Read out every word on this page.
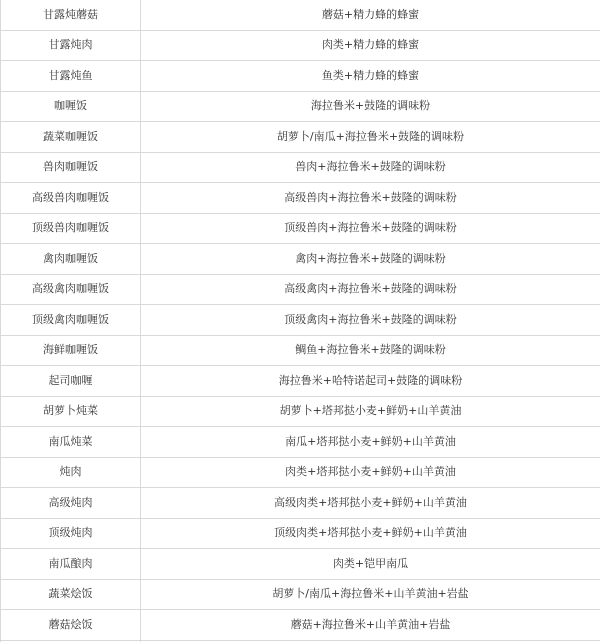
甘露炖蘑菇	蘑菇+精力蜂的蜂蜜
甘露炖肉	肉类+精力蜂的蜂蜜
甘露炖鱼	鱼类+精力蜂的蜂蜜
咖喱饭	海拉鲁米+鼓隆的调味粉
蔬菜咖喱饭	胡萝卜/南瓜+海拉鲁米+鼓隆的调味粉
兽肉咖喱饭	兽肉+海拉鲁米+鼓隆的调味粉
高级兽肉咖喱饭	高级兽肉+海拉鲁米+鼓隆的调味粉
顶级兽肉咖喱饭	顶级兽肉+海拉鲁米+鼓隆的调味粉
禽肉咖喱饭	禽肉+海拉鲁米+鼓隆的调味粉
高级禽肉咖喱饭	高级禽肉+海拉鲁米+鼓隆的调味粉
顶级禽肉咖喱饭	顶级禽肉+海拉鲁米+鼓隆的调味粉
海鲜咖喱饭	鲷鱼+海拉鲁米+鼓隆的调味粉
起司咖喱	海拉鲁米+哈特诺起司+鼓隆的调味粉
胡萝卜炖菜	胡萝卜+塔邦挞小麦+鲜奶+山羊黄油
南瓜炖菜	南瓜+塔邦挞小麦+鲜奶+山羊黄油
炖肉	肉类+塔邦挞小麦+鲜奶+山羊黄油
高级炖肉	高级肉类+塔邦挞小麦+鲜奶+山羊黄油
顶级炖肉	顶级肉类+塔邦挞小麦+鲜奶+山羊黄油
南瓜酿肉	肉类+铠甲南瓜
蔬菜烩饭	胡萝卜/南瓜+海拉鲁米+山羊黄油+岩盐
蘑菇烩饭	蘑菇+海拉鲁米+山羊黄油+岩盐
